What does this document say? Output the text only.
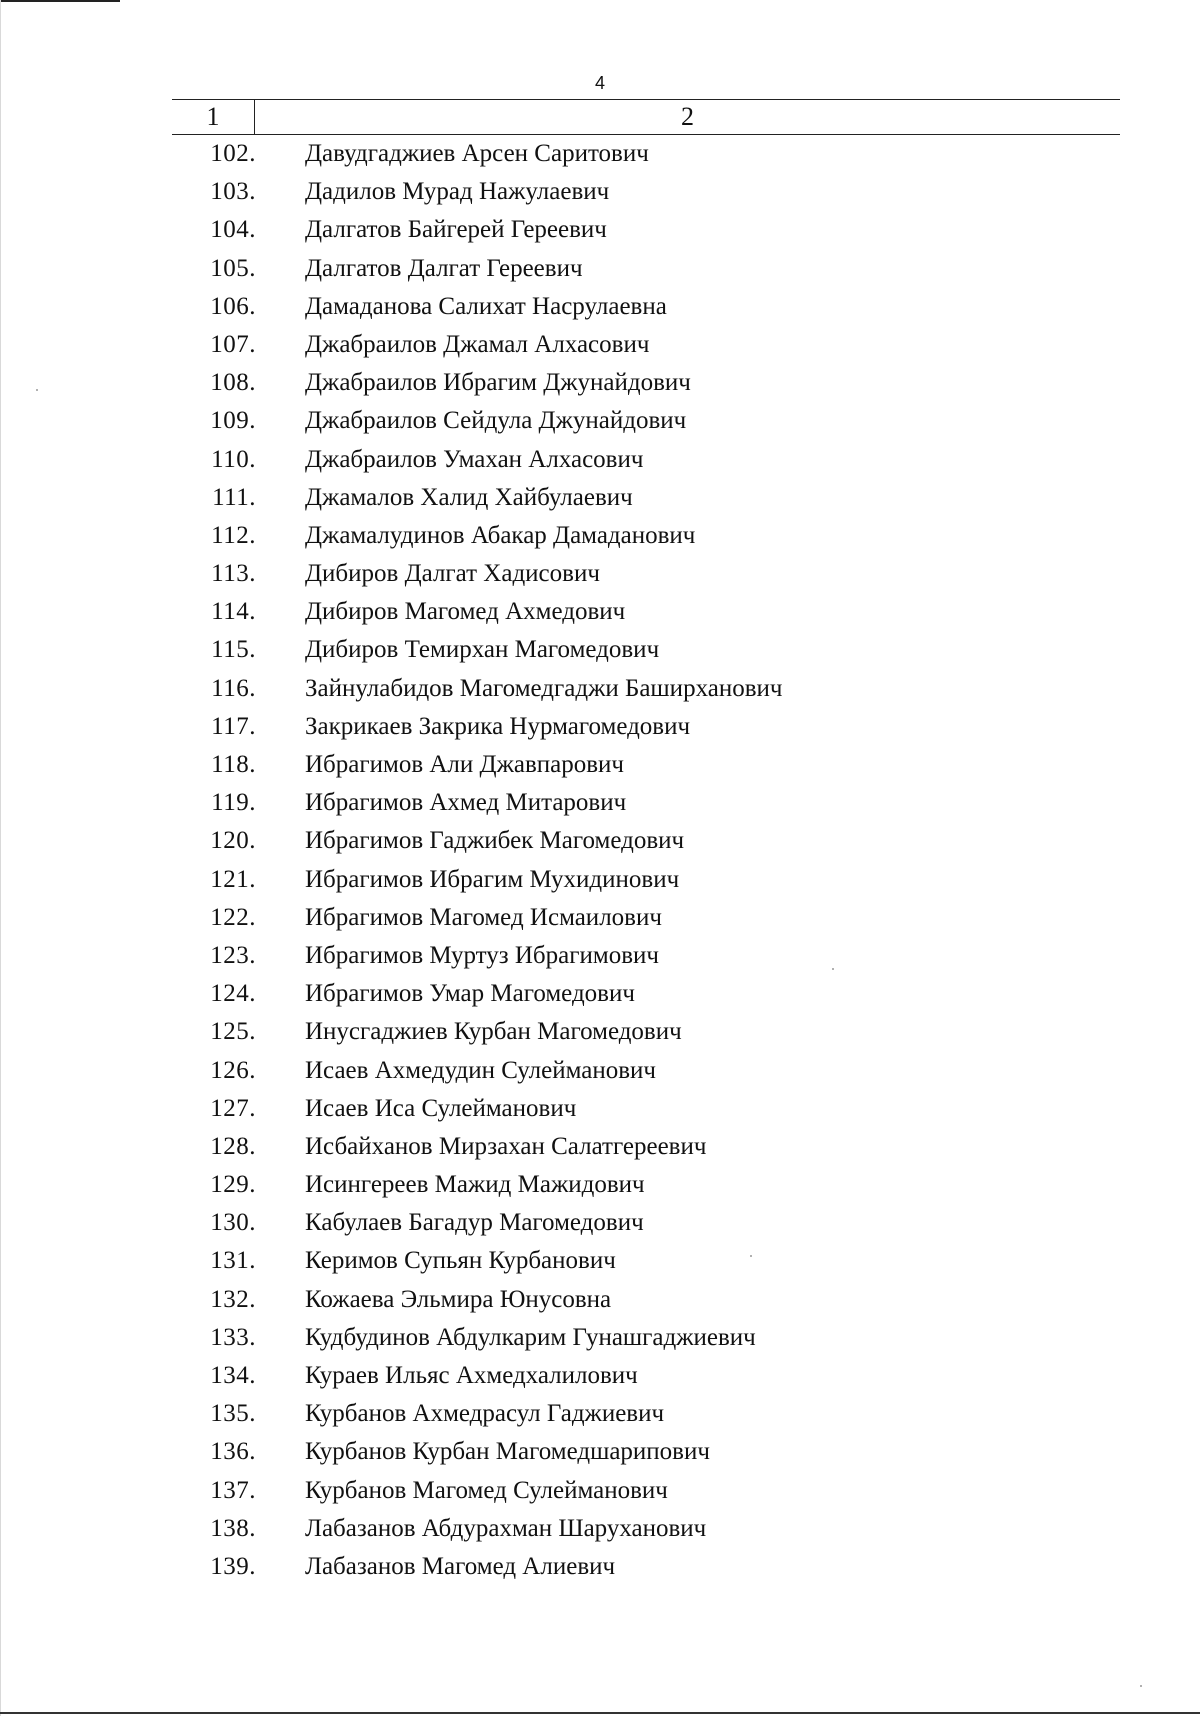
4
1	2
102. Давудгаджиев Арсен Саритович
103. Дадилов Мурад Нажулаевич
104. Далгатов Байгерей Гереевич
105. Далгатов Далгат Гереевич
106. Дамаданова Салихат Насрулаевна
107. Джабраилов Джамал Алхасович
108. Джабраилов Ибрагим Джунайдович
109. Джабраилов Сейдула Джунайдович
110. Джабраилов Умахан Алхасович
111. Джамалов Халид Хайбулаевич
112. Джамалудинов Абакар Дамаданович
113. Дибиров Далгат Хадисович
114. Дибиров Магомед Ахмедович
115. Дибиров Темирхан Магомедович
116. Зайнулабидов Магомедгаджи Баширханович
117. Закрикаев Закрика Нурмагомедович
118. Ибрагимов Али Джавпарович
119. Ибрагимов Ахмед Митарович
120. Ибрагимов Гаджибек Магомедович
121. Ибрагимов Ибрагим Мухидинович
122. Ибрагимов Магомед Исмаилович
123. Ибрагимов Муртуз Ибрагимович
124. Ибрагимов Умар Магомедович
125. Инусгаджиев Курбан Магомедович
126. Исаев Ахмедудин Сулейманович
127. Исаев Иса Сулейманович
128. Исбайханов Мирзахан Салатгереевич
129. Исингереев Мажид Мажидович
130. Кабулаев Багадур Магомедович
131. Керимов Супьян Курбанович
132. Кожаева Эльмира Юнусовна
133. Кудбудинов Абдулкарим Гунашгаджиевич
134. Кураев Ильяс Ахмедхалилович
135. Курбанов Ахмедрасул Гаджиевич
136. Курбанов Курбан Магомедшарипович
137. Курбанов Магомед Сулейманович
138. Лабазанов Абдурахман Шаруханович
139. Лабазанов Магомед Алиевич
